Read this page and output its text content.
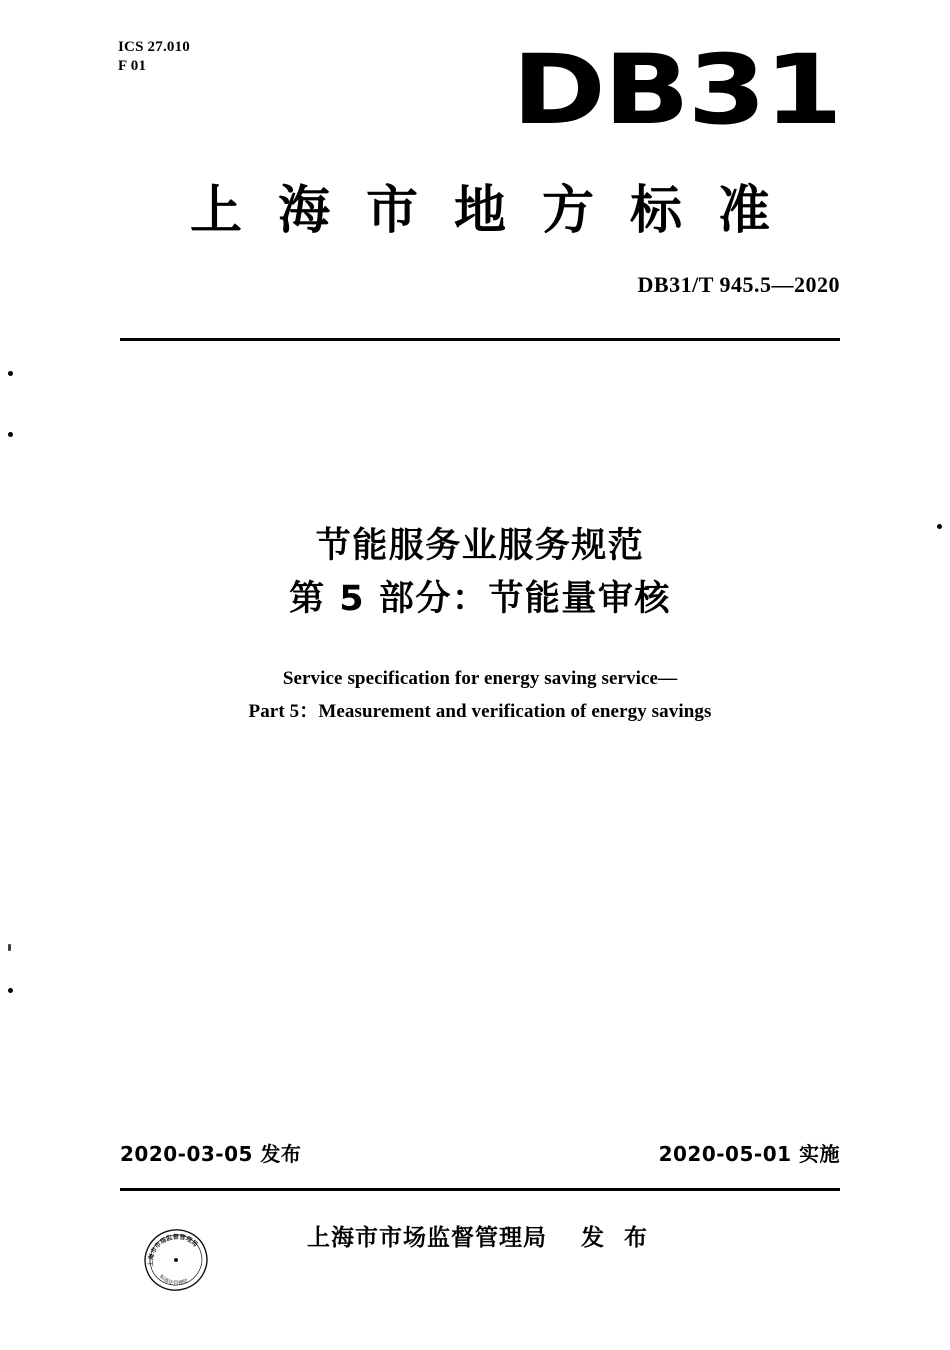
ICS 27.010
F 01	DB31
上海市地方标准
DB31/T 945.5—2020
节能服务业服务规范
第 5 部分：节能量审核
Service specification for energy saving service—
Part 5：Measurement and verification of energy savings
2020-03-05 发布	2020-05-01 实施
上海市市场监督管理局 发 布
上海市市场监督管理局
标准化管理处
